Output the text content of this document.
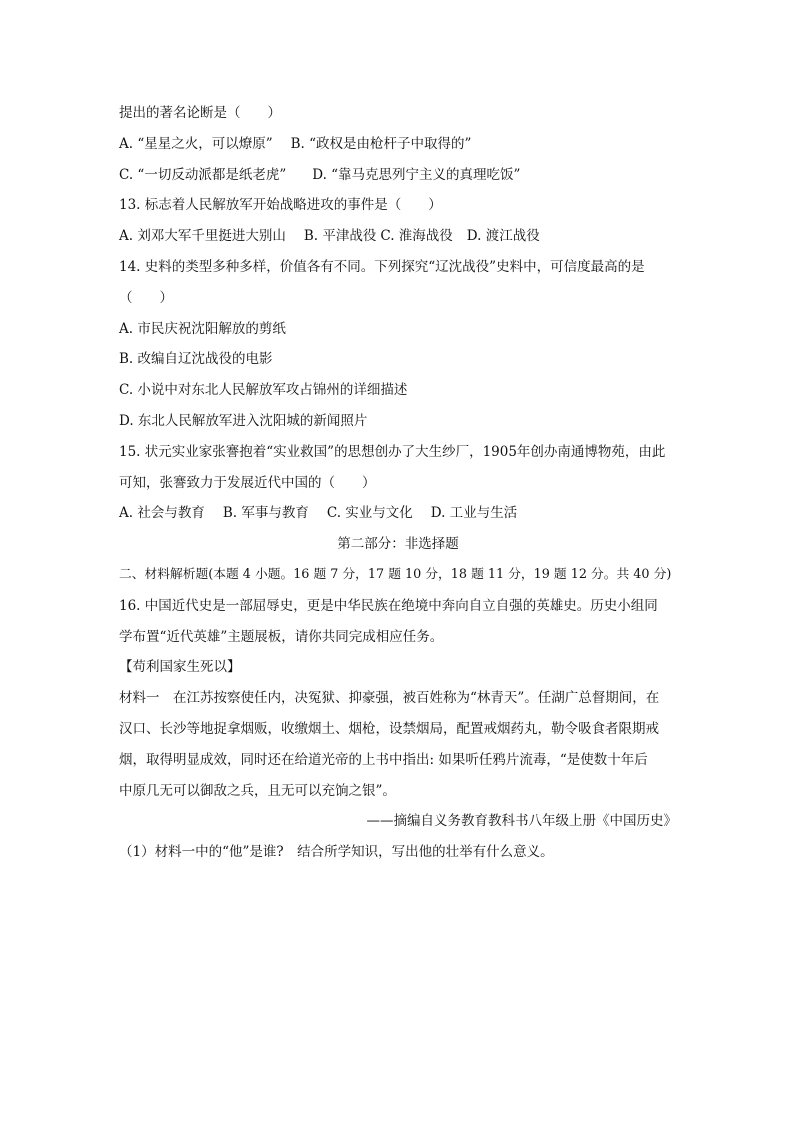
提出的著名论断是（　　）
A. “星星之火，可以燎原” B. “政权是由枪杆子中取得的”
C. “一切反动派都是纸老虎” D. “靠马克思列宁主义的真理吃饭”
13. 标志着人民解放军开始战略进攻的事件是（　　）
A. 刘邓大军千里挺进大别山 B. 平津战役 C. 淮海战役 D. 渡江战役
14. 史料的类型多种多样，价值各有不同。下列探究“辽沈战役”史料中，可信度最高的是
（　　）
A. 市民庆祝沈阳解放的剪纸
B. 改编自辽沈战役的电影
C. 小说中对东北人民解放军攻占锦州的详细描述
D. 东北人民解放军进入沈阳城的新闻照片
15. 状元实业家张謇抱着“实业救国”的思想创办了大生纱厂，1905年创办南通博物苑，由此
可知，张謇致力于发展近代中国的（　　）
A. 社会与教育 B. 军事与教育 C. 实业与文化 D. 工业与生活
第二部分：非选择题
二、材料解析题(本题 4 小题。16 题 7 分，17 题 10 分，18 题 11 分，19 题 12 分。共 40 分)
16. 中国近代史是一部屈辱史，更是中华民族在绝境中奔向自立自强的英雄史。历史小组同
学布置“近代英雄”主题展板，请你共同完成相应任务。
【苟利国家生死以】
材料一　在江苏按察使任内，决冤狱、抑豪强，被百姓称为“林青天”。任湖广总督期间，在
汉口、长沙等地捉拿烟贩，收缴烟土、烟枪，设禁烟局，配置戒烟药丸，勒令吸食者限期戒
烟，取得明显成效，同时还在给道光帝的上书中指出: 如果听任鸦片流毒，“是使数十年后
中原几无可以御敌之兵，且无可以充饷之银”。
——摘编自义务教育教科书八年级上册《中国历史》
（1）材料一中的“他”是谁?　结合所学知识，写出他的壮举有什么意义。
